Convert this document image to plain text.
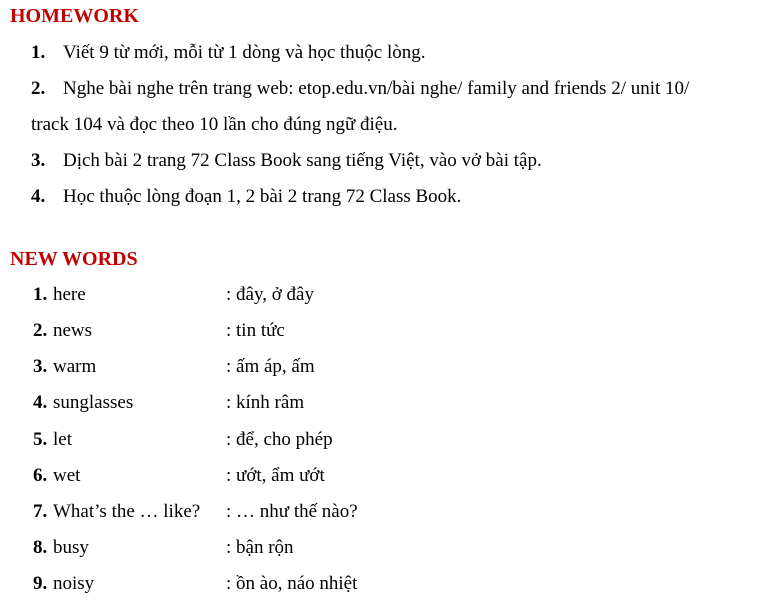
HOMEWORK
1. Viết 9 từ mới, mỗi từ 1 dòng và học thuộc lòng.
2. Nghe bài nghe trên trang web: etop.edu.vn/bài nghe/ family and friends 2/ unit 10/
track 104 và đọc theo 10 lần cho đúng ngữ điệu.
3. Dịch bài 2 trang 72 Class Book sang tiếng Việt, vào vở bài tập.
4. Học thuộc lòng đoạn 1, 2 bài 2 trang 72 Class Book.
NEW WORDS
1. here	: đây, ở đây
2. news	: tin tức
3. warm	: ấm áp, ấm
4. sunglasses	: kính râm
5. let	: để, cho phép
6. wet	: ướt, ẩm ướt
7. What’s the … like? : … như thế nào?
8. busy	: bận rộn
9. noisy	: ồn ào, náo nhiệt
